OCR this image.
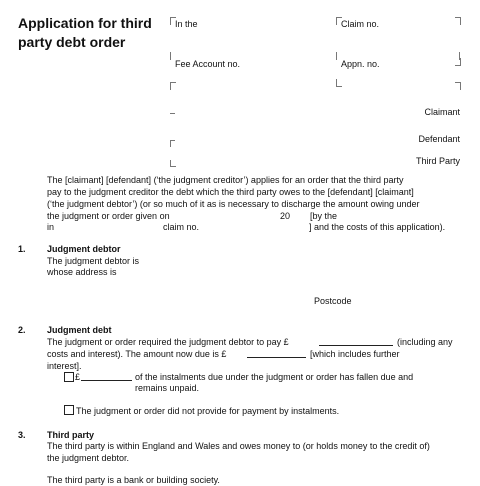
Application for third
party debt order
In the	Claim no.
Fee Account no.	Appn. no.
Claimant
Defendant
Third Party
The [claimant] [defendant] (‘the judgment creditor’) applies for an order that the third party
pay to the judgment creditor the debt which the third party owes to the [defendant] [claimant]
(‘the judgment debtor’) (or so much of it as is necessary to discharge the amount owing under
the judgment or order given on	20 [by the
in	claim no.	] and the costs of this application).
1. Judgment debtor
The judgment debtor is
whose address is
Postcode
2. Judgment debt
The judgment or order required the judgment debtor to pay £	(including any
costs and interest). The amount now due is £	[which includes further
interest].
£	of the instalments due under the judgment or order has fallen due and
remains unpaid.
The judgment or order did not provide for payment by instalments.
3. Third party
The third party is within England and Wales and owes money to (or holds money to the credit of)
the judgment debtor.
The third party is a bank or building society.
